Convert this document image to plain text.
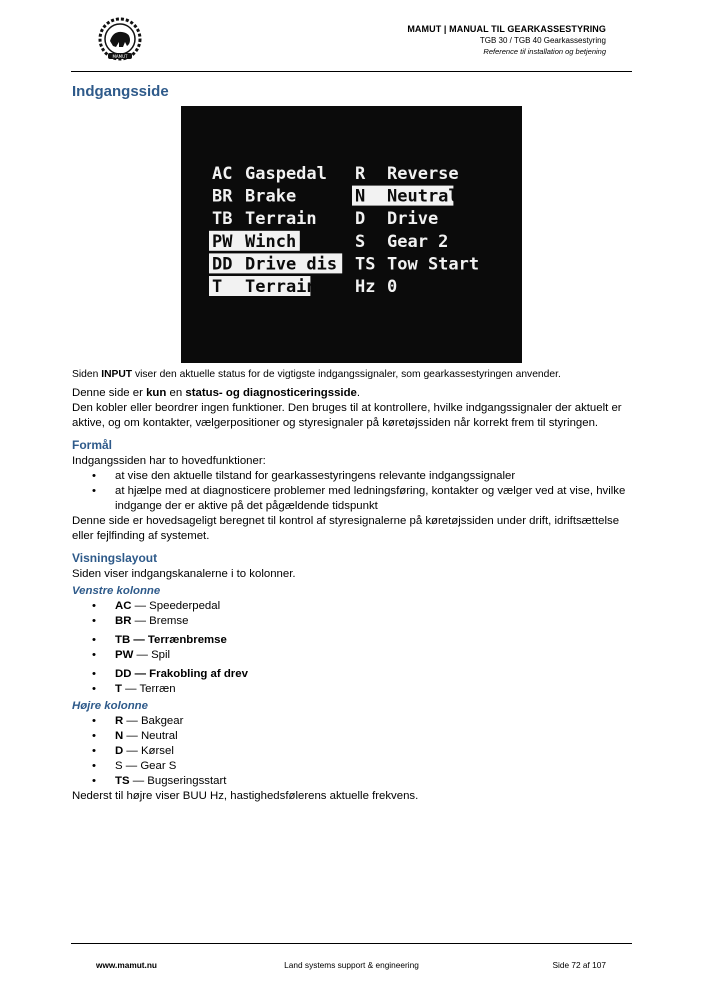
MAMUT
MAMUT | MANUAL TIL GEARKASSESTYRING
TGB 30 / TGB 40 Gearkassestyring
Reference til installation og betjening
Indgangsside
AC Gaspedal
BR Brake
TB Terrain
PW Winch
DD Drive dis
T Terrain
R Reverse
N Neutral
D Drive
S Gear 2
TS Tow Start
Hz 0

Siden INPUT viser den aktuelle status for de vigtigste indgangssignaler, som gearkassestyringen anvender.

Denne side er kun en status- og diagnosticeringsside.

Den kobler eller beordrer ingen funktioner. Den bruges til at kontrollere, hvilke indgangssignaler der aktuelt er aktive, og om kontakter, vælgerpositioner og styresignaler på køretøjssiden når korrekt frem til styringen.

Formål

Indgangssiden har to hovedfunktioner:

• at vise den aktuelle tilstand for gearkassestyringens relevante indgangssignaler
• at hjælpe med at diagnosticere problemer med ledningsføring, kontakter og vælger ved at vise, hvilke indgange der er aktive på det pågældende tidspunkt

Denne side er hovedsageligt beregnet til kontrol af styresignalerne på køretøjssiden under drift, idriftsættelse eller fejlfinding af systemet.

Visningslayout

Siden viser indgangskanalerne i to kolonner.

Venstre kolonne
• AC — Speederpedal
• BR — Bremse
• TB — Terrænbremse
• PW — Spil
• DD — Frakobling af drev
• T — Terræn
Højre kolonne
• R — Bakgear
• N — Neutral
• D — Kørsel
• S — Gear S
• TS — Bugseringsstart

Nederst til højre viser BUU Hz, hastighedsfølerens aktuelle frekvens.

www.mamut.nu	Land systems support & engineering	Side 72 af 107
